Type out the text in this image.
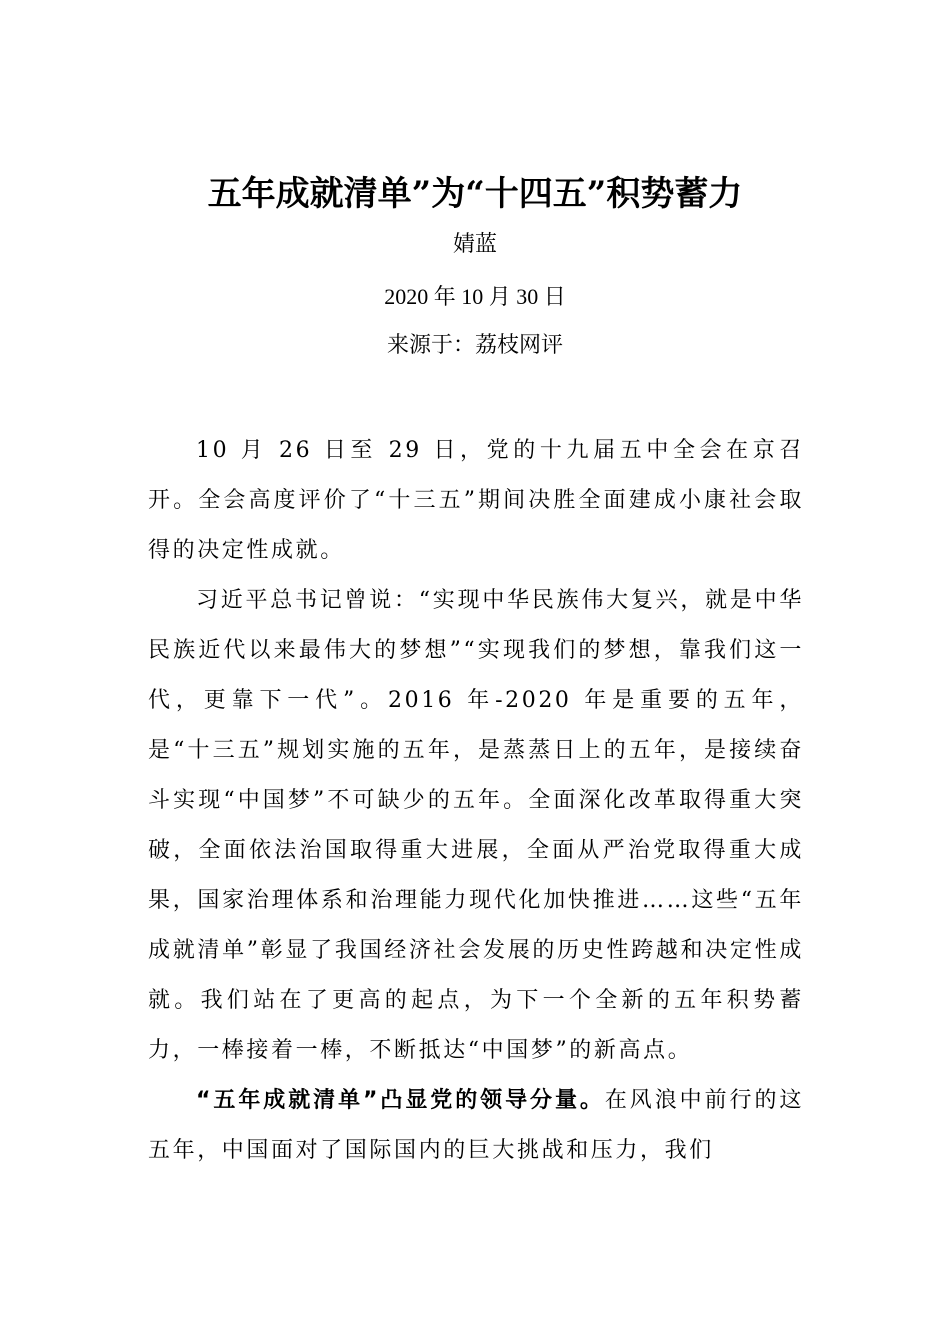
五年成就清单”为“十四五”积势蓄力
婧蓝
2020 年 10 月 30 日
来源于：荔枝网评

10 月 26 日至 29 日，党的十九届五中全会在京召开。全会高度评价了“十三五”期间决胜全面建成小康社会取得的决定性成就。

习近平总书记曾说：“实现中华民族伟大复兴，就是中华民族近代以来最伟大的梦想”“实现我们的梦想，靠我们这一代，更靠下一代”。2016 年-2020 年是重要的五年，是“十三五”规划实施的五年，是蒸蒸日上的五年，是接续奋斗实现“中国梦”不可缺少的五年。全面深化改革取得重大突破，全面依法治国取得重大进展，全面从严治党取得重大成果，国家治理体系和治理能力现代化加快推进……这些“五年成就清单”彰显了我国经济社会发展的历史性跨越和决定性成就。我们站在了更高的起点，为下一个全新的五年积势蓄力，一棒接着一棒，不断抵达“中国梦”的新高点。

“五年成就清单”凸显党的领导分量。在风浪中前行的这五年，中国面对了国际国内的巨大挑战和压力，我们
